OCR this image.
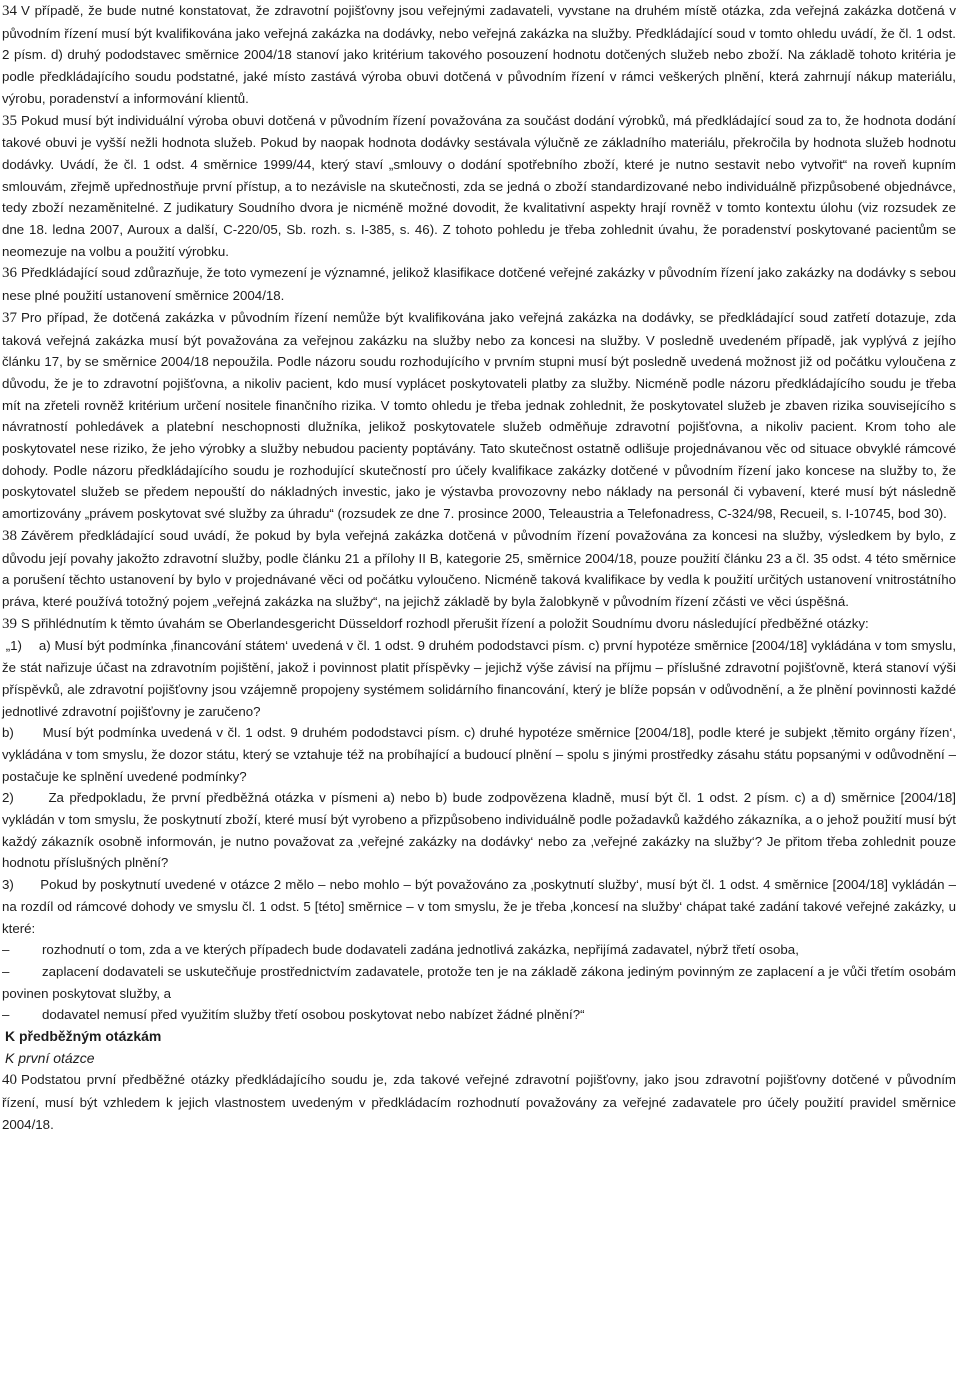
34 V případě, že bude nutné konstatovat, že zdravotní pojišťovny jsou veřejnými zadavateli, vyvstane na druhém místě otázka, zda veřejná zakázka dotčená v původním řízení musí být kvalifikována jako veřejná zakázka na dodávky, nebo veřejná zakázka na služby. Předkládající soud v tomto ohledu uvádí, že čl. 1 odst. 2 písm. d) druhý pododstavec směrnice 2004/18 stanoví jako kritérium takového posouzení hodnotu dotčených služeb nebo zboží. Na základě tohoto kritéria je podle předkládajícího soudu podstatné, jaké místo zastává výroba obuvi dotčená v původním řízení v rámci veškerých plnění, která zahrnují nákup materiálu, výrobu, poradenství a informování klientů.

35 Pokud musí být individuální výroba obuvi dotčená v původním řízení považována za součást dodání výrobků, má předkládající soud za to, že hodnota dodání takové obuvi je vyšší nežli hodnota služeb. Pokud by naopak hodnota dodávky sestávala výlučně ze základního materiálu, překročila by hodnota služeb hodnotu dodávky. Uvádí, že čl. 1 odst. 4 směrnice 1999/44, který staví „smlouvy o dodání spotřebního zboží, které je nutno sestavit nebo vytvořit“ na roveň kupním smlouvám, zřejmě upřednostňuje první přístup, a to nezávisle na skutečnosti, zda se jedná o zboží standardizované nebo individuálně přizpůsobené objednávce, tedy zboží nezaměnitelné. Z judikatury Soudního dvora je nicméně možné dovodit, že kvalitativní aspekty hrají rovněž v tomto kontextu úlohu (viz rozsudek ze dne 18. ledna 2007, Auroux a další, C‑220/05, Sb. rozh. s. I‑385, s. 46). Z tohoto pohledu je třeba zohlednit úvahu, že poradenství poskytované pacientům se neomezuje na volbu a použití výrobku.

36 Předkládající soud zdůrazňuje, že toto vymezení je významné, jelikož klasifikace dotčené veřejné zakázky v původním řízení jako zakázky na dodávky s sebou nese plné použití ustanovení směrnice 2004/18.

37 Pro případ, že dotčená zakázka v původním řízení nemůže být kvalifikována jako veřejná zakázka na dodávky, se předkládající soud zatřetí dotazuje, zda taková veřejná zakázka musí být považována za veřejnou zakázku na služby nebo za koncesi na služby. V posledně uvedeném případě, jak vyplývá z jejího článku 17, by se směrnice 2004/18 nepoužila. Podle názoru soudu rozhodujícího v prvním stupni musí být posledně uvedená možnost již od počátku vyloučena z důvodu, že je to zdravotní pojišťovna, a nikoliv pacient, kdo musí vyplácet poskytovateli platby za služby. Nicméně podle názoru předkládajícího soudu je třeba mít na zřeteli rovněž kritérium určení nositele finančního rizika. V tomto ohledu je třeba jednak zohlednit, že poskytovatel služeb je zbaven rizika souvisejícího s návratností pohledávek a platební neschopnosti dlužníka, jelikož poskytovatele služeb odměňuje zdravotní pojišťovna, a nikoliv pacient. Krom toho ale poskytovatel nese riziko, že jeho výrobky a služby nebudou pacienty poptávány. Tato skutečnost ostatně odlišuje projednávanou věc od situace obvyklé rámcové dohody. Podle názoru předkládajícího soudu je rozhodující skutečností pro účely kvalifikace zakázky dotčené v původním řízení jako koncese na služby to, že poskytovatel služeb se předem nepouští do nákladných investic, jako je výstavba provozovny nebo náklady na personál či vybavení, které musí být následně amortizovány „právem poskytovat své služby za úhradu“ (rozsudek ze dne 7. prosince 2000, Teleaustria a Telefonadress, C‑324/98, Recueil, s. I‑10745, bod 30).

38 Závěrem předkládající soud uvádí, že pokud by byla veřejná zakázka dotčená v původním řízení považována za koncesi na služby, výsledkem by bylo, z důvodu její povahy jakožto zdravotní služby, podle článku 21 a přílohy II B, kategorie 25, směrnice 2004/18, pouze použití článku 23 a čl. 35 odst. 4 této směrnice a porušení těchto ustanovení by bylo v projednávané věci od počátku vyloučeno. Nicméně taková kvalifikace by vedla k použití určitých ustanovení vnitrostátního práva, které používá totožný pojem „veřejná zakázka na služby“, na jejichž základě by byla žalobkyně v původním řízení zčásti ve věci úspěšná.

39 S přihlédnutím k těmto úvahám se Oberlandesgericht Düsseldorf rozhodl přerušit řízení a položit Soudnímu dvoru následující předběžné otázky:

„1) a) Musí být podmínka ‚financování státem‘ uvedená v čl. 1 odst. 9 druhém pododstavci písm. c) první hypotéze směrnice [2004/18] vykládána v tom smyslu, že stát nařizuje účast na zdravotním pojištění, jakož i povinnost platit příspěvky – jejichž výše závisí na příjmu – příslušné zdravotní pojišťovně, která stanoví výši příspěvků, ale zdravotní pojišťovny jsou vzájemně propojeny systémem solidárního financování, který je blíže popsán v odůvodnění, a že plnění povinnosti každé jednotlivé zdravotní pojišťovny je zaručeno?

b) Musí být podmínka uvedená v čl. 1 odst. 9 druhém pododstavci písm. c) druhé hypotéze směrnice [2004/18], podle které je subjekt ‚těmito orgány řízen‘, vykládána v tom smyslu, že dozor státu, který se vztahuje též na probíhající a budoucí plnění – spolu s jinými prostředky zásahu státu popsanými v odůvodnění – postačuje ke splnění uvedené podmínky?

2)	Za předpokladu, že první předběžná otázka v písmeni a) nebo b) bude zodpovězena kladně, musí být čl. 1 odst. 2 písm. c) a d) směrnice [2004/18] vykládán v tom smyslu, že poskytnutí zboží, které musí být vyrobeno a přizpůsobeno individuálně podle požadavků každého zákazníka, a o jehož použití musí být každý zákazník osobně informován, je nutno považovat za ‚veřejné zakázky na dodávky‘ nebo za ‚veřejné zakázky na služby‘? Je přitom třeba zohlednit pouze hodnotu příslušných plnění?

3) Pokud by poskytnutí uvedené v otázce 2 mělo – nebo mohlo – být považováno za ‚poskytnutí služby‘, musí být čl. 1 odst. 4 směrnice [2004/18] vykládán – na rozdíl od rámcové dohody ve smyslu čl. 1 odst. 5 [této] směrnice – v tom smyslu, že je třeba ‚koncesí na služby‘ chápat také zadání takové veřejné zakázky, u které:

– rozhodnutí o tom, zda a ve kterých případech bude dodavateli zadána jednotlivá zakázka, nepřijímá zadavatel, nýbrž třetí osoba,

– zaplacení dodavateli se uskutečňuje prostřednictvím zadavatele, protože ten je na základě zákona jediným povinným ze zaplacení a je vůči třetím osobám povinen poskytovat služby, a

– dodavatel nemusí před využitím služby třetí osobou poskytovat nebo nabízet žádné plnění?“

K předběžným otázkám

K první otázce

40 Podstatou první předběžné otázky předkládajícího soudu je, zda takové veřejné zdravotní pojišťovny, jako jsou zdravotní pojišťovny dotčené v původním řízení, musí být vzhledem k jejich vlastnostem uvedeným v předkládacím rozhodnutí považovány za veřejné zadavatele pro účely použití pravidel směrnice 2004/18.
